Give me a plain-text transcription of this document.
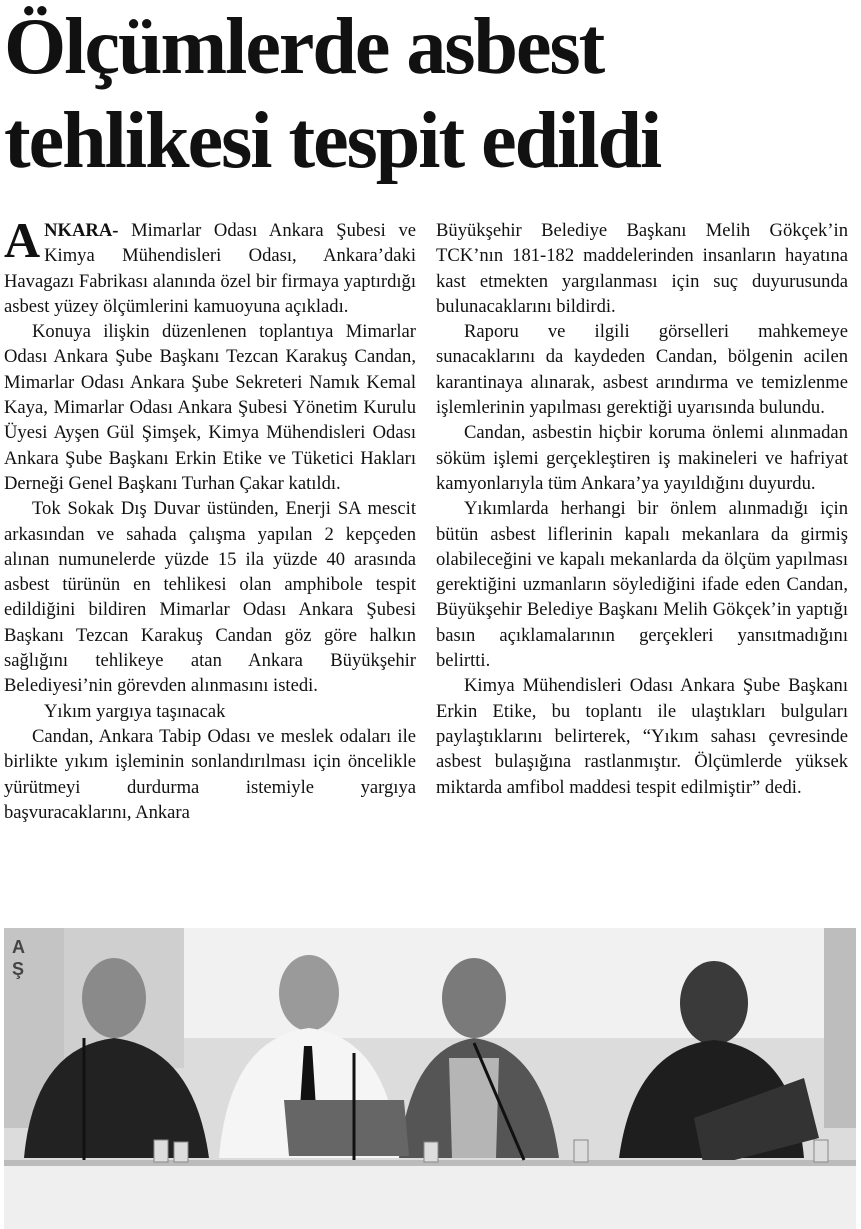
Ölçümlerde asbest
tehlikesi tespit edildi

ANKARA- Mimarlar Odası Ankara Şubesi ve Kimya Mühendisleri Odası, Ankara’daki Havagazı Fabrikası alanında özel bir firmaya yaptırdığı asbest yüzey ölçümlerini kamuoyuna açıkladı.

Konuya ilişkin düzenlenen toplantıya Mimarlar Odası Ankara Şube Başkanı Tezcan Karakuş Candan, Mimarlar Odası Ankara Şube Sekreteri Namık Kemal Kaya, Mimarlar Odası Ankara Şubesi Yönetim Kurulu Üyesi Ayşen Gül Şimşek, Kimya Mühendisleri Odası Ankara Şube Başkanı Erkin Etike ve Tüketici Hakları Derneği Genel Başkanı Turhan Çakar katıldı.

Tok Sokak Dış Duvar üstünden, Enerji SA mescit arkasından ve sahada çalışma yapılan 2 kepçeden alınan numunelerde yüzde 15 ila yüzde 40 arasında asbest türünün en tehlikesi olan amphibole tespit edildiğini bildiren Mimarlar Odası Ankara Şubesi Başkanı Tezcan Karakuş Candan göz göre halkın sağlığını tehlikeye atan Ankara Büyükşehir Belediyesi’nin görevden alınmasını istedi.

Yıkım yargıya taşınacak

Candan, Ankara Tabip Odası ve meslek odaları ile birlikte yıkım işleminin sonlandırılması için öncelikle yürütmeyi durdurma istemiyle yargıya başvuracaklarını, Ankara

Büyükşehir Belediye Başkanı Melih Gökçek’in TCK’nın 181-182 maddelerinden insanların hayatına kast etmekten yargılanması için suç duyurusunda bulunacaklarını bildirdi.

Raporu ve ilgili görselleri mahkemeye sunacaklarını da kaydeden Candan, bölgenin acilen karantinaya alınarak, asbest arındırma ve temizlenme işlemlerinin yapılması gerektiği uyarısında bulundu.

Candan, asbestin hiçbir koruma önlemi alınmadan söküm işlemi gerçekleştiren iş makineleri ve hafriyat kamyonlarıyla tüm Ankara’ya yayıldığını duyurdu.

Yıkımlarda herhangi bir önlem alınmadığı için bütün asbest liflerinin kapalı mekanlara da girmiş olabileceğini ve kapalı mekanlarda da ölçüm yapılması gerektiğini uzmanların söylediğini ifade eden Candan, Büyükşehir Belediye Başkanı Melih Gökçek’in yaptığı basın açıklamalarının gerçekleri yansıtmadığını belirtti.

Kimya Mühendisleri Odası Ankara Şube Başkanı Erkin Etike, bu toplantı ile ulaştıkları bulguları paylaştıklarını belirterek, “Yıkım sahası çevresinde asbest bulaşığına rastlanmıştır. Ölçümlerde yüksek miktarda amfibol maddesi tespit edilmiştir” dedi.

A
Ş
